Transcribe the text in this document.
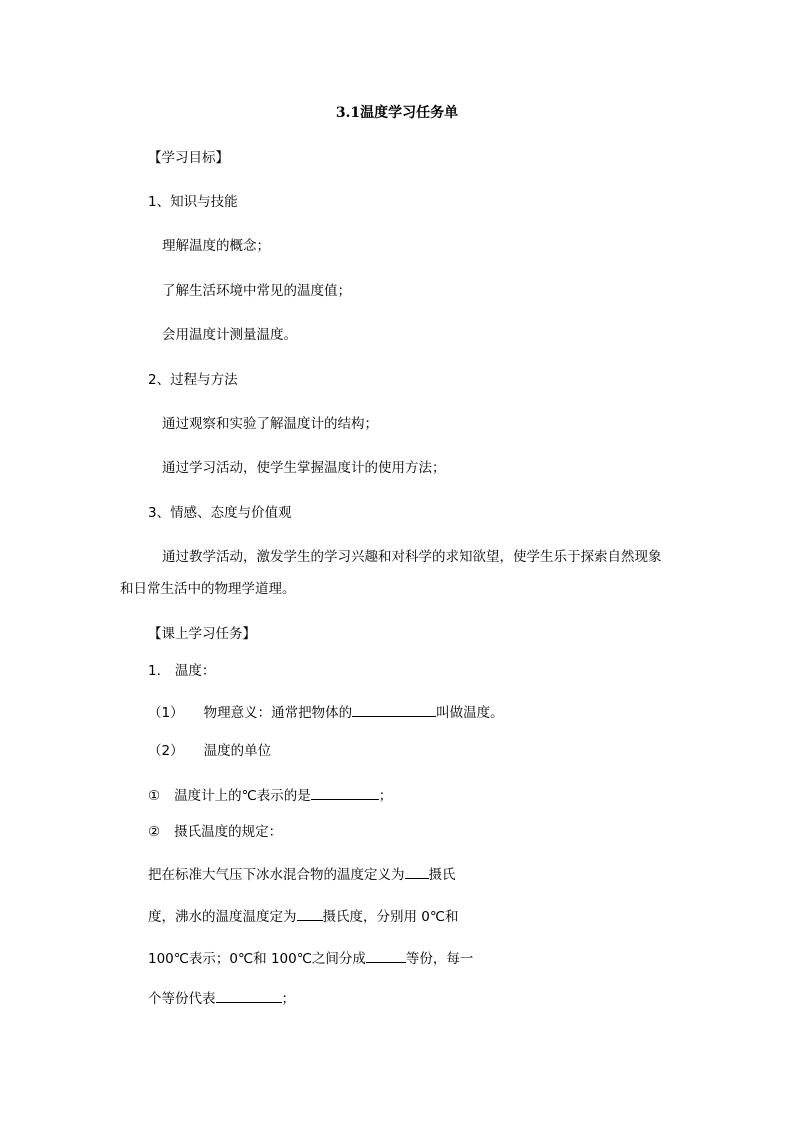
3.1温度学习任务单
【学习目标】
1、知识与技能
理解温度的概念；
了解生活环境中常见的温度值；
会用温度计测量温度。
2、过程与方法
通过观察和实验了解温度计的结构；
通过学习活动，使学生掌握温度计的使用方法；
3、情感、态度与价值观
通过教学活动，激发学生的学习兴趣和对科学的求知欲望，使学生乐于探索自然现象
和日常生活中的物理学道理。
【课上学习任务】
1. 温度：
（1） 物理意义：通常把物体的	叫做温度。
（2） 温度的单位
① 温度计上的℃表示的是	；
② 摄氏温度的规定：
把在标准大气压下冰水混合物的温度定义为 摄氏
度，沸水的温度温度定为 摄氏度，分别用 0℃和
100℃表示；0℃和 100℃之间分成	等份，每一
个等份代表	；
